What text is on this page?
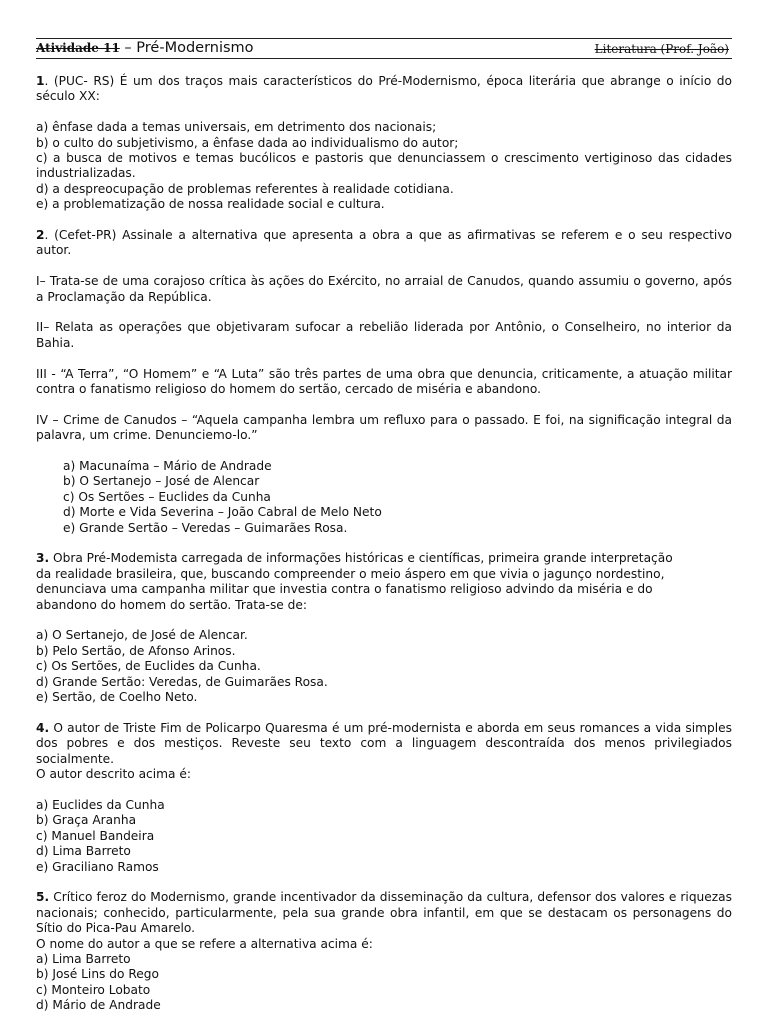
Atividade 11 – Pré-Modernismo	Literatura (Prof. João)

1. (PUC- RS) É um dos traços mais característicos do Pré-Modernismo, época literária que abrange o início do século XX:

a) ênfase dada a temas universais, em detrimento dos nacionais;
b) o culto do subjetivismo, a ênfase dada ao individualismo do autor;
c) a busca de motivos e temas bucólicos e pastoris que denunciassem o crescimento vertiginoso das cidades industrializadas.
d) a despreocupação de problemas referentes à realidade cotidiana.
e) a problematização de nossa realidade social e cultura.

2. (Cefet-PR) Assinale a alternativa que apresenta a obra a que as afirmativas se referem e o seu respectivo autor.

I– Trata-se de uma corajoso crítica às ações do Exército, no arraial de Canudos, quando assumiu o governo, após a Proclamação da República.

II– Relata as operações que objetivaram sufocar a rebelião liderada por Antônio, o Conselheiro, no interior da Bahia.

III - “A Terra”, “O Homem” e “A Luta” são três partes de uma obra que denuncia, criticamente, a atuação militar contra o fanatismo religioso do homem do sertão, cercado de miséria e abandono.

IV – Crime de Canudos – “Aquela campanha lembra um refluxo para o passado. E foi, na significação integral da palavra, um crime. Denunciemo-lo.”

a) Macunaíma – Mário de Andrade
b) O Sertanejo – José de Alencar
c) Os Sertões – Euclides da Cunha
d) Morte e Vida Severina – João Cabral de Melo Neto
e) Grande Sertão – Veredas – Guimarães Rosa.
3. Obra Pré-Modemista carregada de informações históricas e científicas, primeira grande interpretação
da realidade brasileira, que, buscando compreender o meio áspero em que vivia o jagunço nordestino,
denunciava uma campanha militar que investia contra o fanatismo religioso advindo da miséria e do
abandono do homem do sertão. Trata-se de:
a) O Sertanejo, de José de Alencar.
b) Pelo Sertão, de Afonso Arinos.
c) Os Sertões, de Euclides da Cunha.
d) Grande Sertão: Veredas, de Guimarães Rosa.
e) Sertão, de Coelho Neto.

4. O autor de Triste Fim de Policarpo Quaresma é um pré-modernista e aborda em seus romances a vida simples dos pobres e dos mestiços. Reveste seu texto com a linguagem descontraída dos menos privilegiados socialmente.

O autor descrito acima é:

a) Euclides da Cunha
b) Graça Aranha
c) Manuel Bandeira
d) Lima Barreto
e) Graciliano Ramos

5. Crítico feroz do Modernismo, grande incentivador da disseminação da cultura, defensor dos valores e riquezas nacionais; conhecido, particularmente, pela sua grande obra infantil, em que se destacam os personagens do Sítio do Pica-Pau Amarelo.

O nome do autor a que se refere a alternativa acima é:
a) Lima Barreto
b) José Lins do Rego
c) Monteiro Lobato
d) Mário de Andrade
